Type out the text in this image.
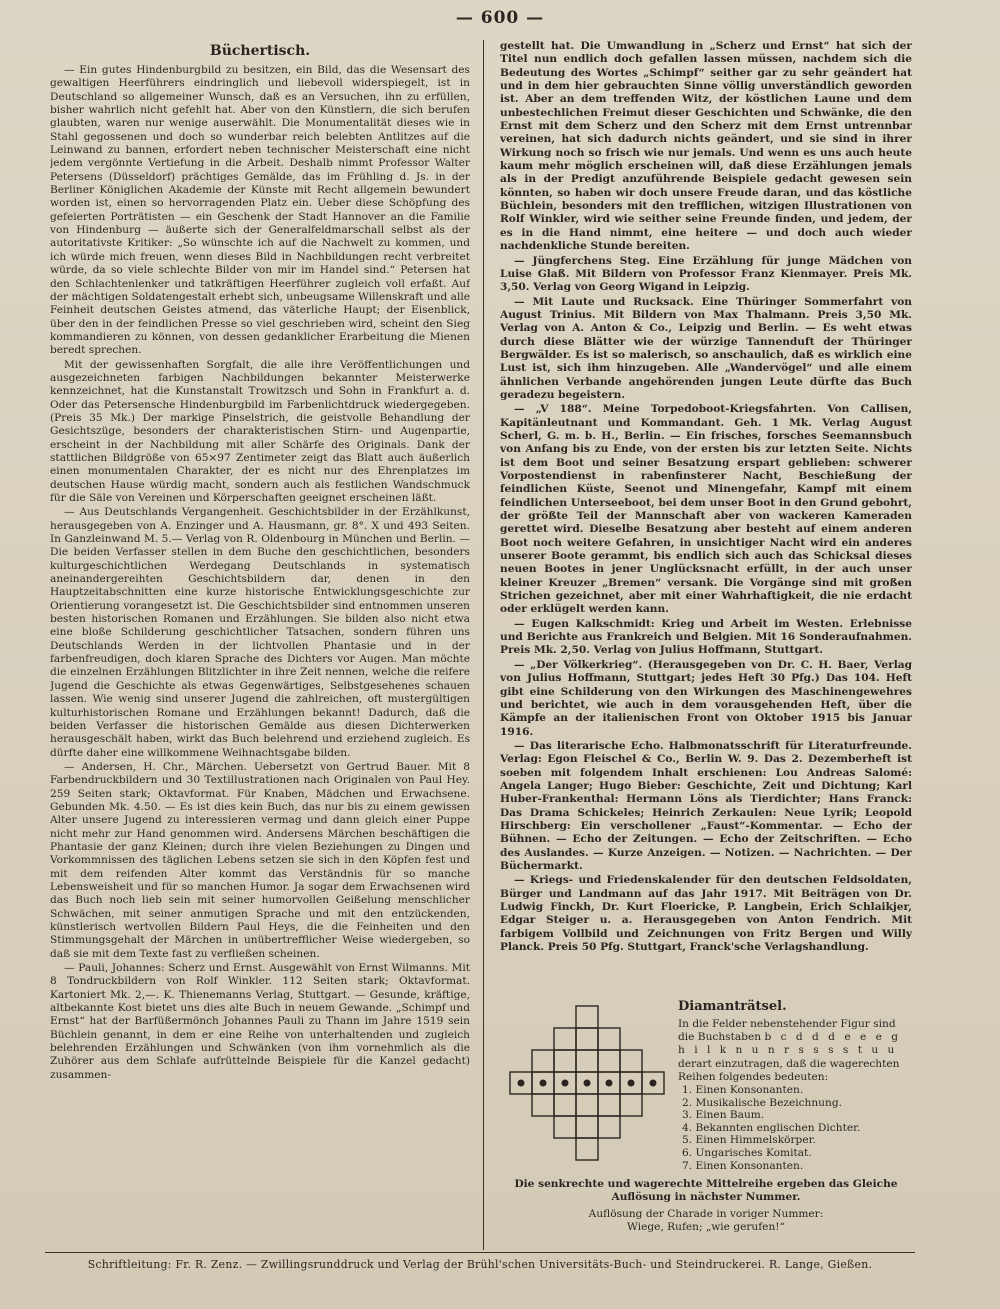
— 600 —
Büchertisch.

— Ein gutes Hindenburgbild zu besitzen, ein Bild, das die Wesensart des gewaltigen Heerführers eindringlich und liebevoll widerspiegelt, ist in Deutschland so allgemeiner Wunsch, daß es an Versuchen, ihn zu erfüllen, bisher wahrlich nicht gefehlt hat. Aber von den Künstlern, die sich berufen glaubten, waren nur wenige auserwählt. Die Monumentalität dieses wie in Stahl gegossenen und doch so wunderbar reich belebten Antlitzes auf die Leinwand zu bannen, erfordert neben technischer Meisterschaft eine nicht jedem vergönnte Vertiefung in die Arbeit. Deshalb nimmt Professor Walter Petersens (Düsseldorf) prächtiges Gemälde, das im Frühling d. Js. in der Berliner Königlichen Akademie der Künste mit Recht allgemein bewundert worden ist, einen so hervorragenden Platz ein. Ueber diese Schöpfung des gefeierten Porträtisten — ein Geschenk der Stadt Hannover an die Familie von Hindenburg — äußerte sich der Generalfeldmarschall selbst als der autoritativste Kritiker: „So wünschte ich auf die Nachwelt zu kommen, und ich würde mich freuen, wenn dieses Bild in Nachbildungen recht verbreitet würde, da so viele schlechte Bilder von mir im Handel sind.“ Petersen hat den Schlachtenlenker und tatkräftigen Heerführer zugleich voll erfaßt. Auf der mächtigen Soldatengestalt erhebt sich, unbeugsame Willenskraft und alle Feinheit deutschen Geistes atmend, das väterliche Haupt; der Eisenblick, über den in der feindlichen Presse so viel geschrieben wird, scheint den Sieg kommandieren zu können, von dessen gedanklicher Erarbeitung die Mienen beredt sprechen.

Mit der gewissenhaften Sorgfalt, die alle ihre Veröffentlichungen und ausgezeichneten farbigen Nachbildungen bekannter Meisterwerke kennzeichnet, hat die Kunstanstalt Trowitzsch und Sohn in Frankfurt a. d. Oder das Petersensche Hindenburgbild im Farbenlichtdruck wiedergegeben. (Preis 35 Mk.) Der markige Pinselstrich, die geistvolle Behandlung der Gesichtszüge, besonders der charakteristischen Stirn- und Augenpartie, erscheint in der Nachbildung mit aller Schärfe des Originals. Dank der stattlichen Bildgröße von 65×97 Zentimeter zeigt das Blatt auch äußerlich einen monumentalen Charakter, der es nicht nur des Ehrenplatzes im deutschen Hause würdig macht, sondern auch als festlichen Wandschmuck für die Säle von Vereinen und Körperschaften geeignet erscheinen läßt.

— Aus Deutschlands Vergangenheit. Geschichtsbilder in der Erzählkunst, herausgegeben von A. Enzinger und A. Hausmann, gr. 8°. X und 493 Seiten. In Ganzleinwand M. 5.— Verlag von R. Oldenbourg in München und Berlin. — Die beiden Verfasser stellen in dem Buche den geschichtlichen, besonders kulturgeschichtlichen Werdegang Deutschlands in systematisch aneinandergereihten Geschichtsbildern dar, denen in den Hauptzeitabschnitten eine kurze historische Entwicklungsgeschichte zur Orientierung vorangesetzt ist. Die Geschichtsbilder sind entnommen unseren besten historischen Romanen und Erzählungen. Sie bilden also nicht etwa eine bloße Schilderung geschichtlicher Tatsachen, sondern führen uns Deutschlands Werden in der lichtvollen Phantasie und in der farbenfreudigen, doch klaren Sprache des Dichters vor Augen. Man möchte die einzelnen Erzählungen Blitzlichter in ihre Zeit nennen, welche die reifere Jugend die Geschichte als etwas Gegenwärtiges, Selbstgesehenes schauen lassen. Wie wenig sind unserer Jugend die zahlreichen, oft mustergültigen kulturhistorischen Romane und Erzählungen bekannt! Dadurch, daß die beiden Verfasser die historischen Gemälde aus diesen Dichterwerken herausgeschält haben, wirkt das Buch belehrend und erziehend zugleich. Es dürfte daher eine willkommene Weihnachtsgabe bilden.

— Andersen, H. Chr., Märchen. Uebersetzt von Gertrud Bauer. Mit 8 Farbendruckbildern und 30 Textillustrationen nach Originalen von Paul Hey. 259 Seiten stark; Oktavformat. Für Knaben, Mädchen und Erwachsene. Gebunden Mk. 4.50. — Es ist dies kein Buch, das nur bis zu einem gewissen Alter unsere Jugend zu interessieren vermag und dann gleich einer Puppe nicht mehr zur Hand genommen wird. Andersens Märchen beschäftigen die Phantasie der ganz Kleinen; durch ihre vielen Beziehungen zu Dingen und Vorkommnissen des täglichen Lebens setzen sie sich in den Köpfen fest und mit dem reifenden Alter kommt das Verständnis für so manche Lebensweisheit und für so manchen Humor. Ja sogar dem Erwachsenen wird das Buch noch lieb sein mit seiner humorvollen Geißelung menschlicher Schwächen, mit seiner anmutigen Sprache und mit den entzückenden, künstlerisch wertvollen Bildern Paul Heys, die die Feinheiten und den Stimmungsgehalt der Märchen in unübertrefflicher Weise wiedergeben, so daß sie mit dem Texte fast zu verfließen scheinen.

— Pauli, Johannes: Scherz und Ernst. Ausgewählt von Ernst Wilmanns. Mit 8 Tondruckbildern von Rolf Winkler. 112 Seiten stark; Oktavformat. Kartoniert Mk. 2,—. K. Thienemanns Verlag, Stuttgart. — Gesunde, kräftige, altbekannte Kost bietet uns dies alte Buch in neuem Gewande. „Schimpf und Ernst“ hat der Barfüßermönch Johannes Pauli zu Thann im Jahre 1519 sein Büchlein genannt, in dem er eine Reihe von unterhaltenden und zugleich belehrenden Erzählungen und Schwänken (von ihm vornehmlich als die Zuhörer aus dem Schlafe aufrüttelnde Beispiele für die Kanzel gedacht) zusammen-

gestellt hat. Die Umwandlung in „Scherz und Ernst“ hat sich der Titel nun endlich doch gefallen lassen müssen, nachdem sich die Bedeutung des Wortes „Schimpf“ seither gar zu sehr geändert hat und in dem hier gebrauchten Sinne völlig unverständlich geworden ist. Aber an dem treffenden Witz, der köstlichen Laune und dem unbestechlichen Freimut dieser Geschichten und Schwänke, die den Ernst mit dem Scherz und den Scherz mit dem Ernst untrennbar vereinen, hat sich dadurch nichts geändert, und sie sind in ihrer Wirkung noch so frisch wie nur jemals. Und wenn es uns auch heute kaum mehr möglich erscheinen will, daß diese Erzählungen jemals als in der Predigt anzuführende Beispiele gedacht gewesen sein könnten, so haben wir doch unsere Freude daran, und das köstliche Büchlein, besonders mit den trefflichen, witzigen Illustrationen von Rolf Winkler, wird wie seither seine Freunde finden, und jedem, der es in die Hand nimmt, eine heitere — und doch auch wieder nachdenkliche Stunde bereiten.

— Jüngferchens Steg. Eine Erzählung für junge Mädchen von Luise Glaß. Mit Bildern von Professor Franz Kienmayer. Preis Mk. 3,50. Verlag von Georg Wigand in Leipzig.

— Mit Laute und Rucksack. Eine Thüringer Sommerfahrt von August Trinius. Mit Bildern von Max Thalmann. Preis 3,50 Mk. Verlag von A. Anton & Co., Leipzig und Berlin. — Es weht etwas durch diese Blätter wie der würzige Tannenduft der Thüringer Bergwälder. Es ist so malerisch, so anschaulich, daß es wirklich eine Lust ist, sich ihm hinzugeben. Alle „Wandervögel“ und alle einem ähnlichen Verbande angehörenden jungen Leute dürfte das Buch geradezu begeistern.

— „V 188“. Meine Torpedoboot-Kriegsfahrten. Von Callisen, Kapitänleutnant und Kommandant. Geh. 1 Mk. Verlag August Scherl, G. m. b. H., Berlin. — Ein frisches, forsches Seemannsbuch von Anfang bis zu Ende, von der ersten bis zur letzten Seite. Nichts ist dem Boot und seiner Besatzung erspart geblieben: schwerer Vorpostendienst in rabenfinsterer Nacht, Beschießung der feindlichen Küste, Seenot und Minengefahr, Kampf mit einem feindlichen Unterseeboot, bei dem unser Boot in den Grund gebohrt, der größte Teil der Mannschaft aber von wackeren Kameraden gerettet wird. Dieselbe Besatzung aber besteht auf einem anderen Boot noch weitere Gefahren, in unsichtiger Nacht wird ein anderes unserer Boote gerammt, bis endlich sich auch das Schicksal dieses neuen Bootes in jener Unglücksnacht erfüllt, in der auch unser kleiner Kreuzer „Bremen“ versank. Die Vorgänge sind mit großen Strichen gezeichnet, aber mit einer Wahrhaftigkeit, die nie erdacht oder erklügelt werden kann.

— Eugen Kalkschmidt: Krieg und Arbeit im Westen. Erlebnisse und Berichte aus Frankreich und Belgien. Mit 16 Sonderaufnahmen. Preis Mk. 2,50. Verlag von Julius Hoffmann, Stuttgart.

— „Der Völkerkrieg“. (Herausgegeben von Dr. C. H. Baer, Verlag von Julius Hoffmann, Stuttgart; jedes Heft 30 Pfg.) Das 104. Heft gibt eine Schilderung von den Wirkungen des Maschinengewehres und berichtet, wie auch in dem vorausgehenden Heft, über die Kämpfe an der italienischen Front von Oktober 1915 bis Januar 1916.

— Das literarische Echo. Halbmonatsschrift für Literaturfreunde. Verlag: Egon Fleischel & Co., Berlin W. 9. Das 2. Dezemberheft ist soeben mit folgendem Inhalt erschienen: Lou Andreas Salomé: Angela Langer; Hugo Bieber: Geschichte, Zeit und Dichtung; Karl Huber-Frankenthal: Hermann Löns als Tierdichter; Hans Franck: Das Drama Schickeles; Heinrich Zerkaulen: Neue Lyrik; Leopold Hirschberg: Ein verschollener „Faust“-Kommentar. — Echo der Bühnen. — Echo der Zeitungen. — Echo der Zeitschriften. — Echo des Auslandes. — Kurze Anzeigen. — Notizen. — Nachrichten. — Der Büchermarkt.

— Kriegs- und Friedenskalender für den deutschen Feldsoldaten, Bürger und Landmann auf das Jahr 1917. Mit Beiträgen von Dr. Ludwig Finckh, Dr. Kurt Floericke, P. Langbein, Erich Schlaikjer, Edgar Steiger u. a. Herausgegeben von Anton Fendrich. Mit farbigem Vollbild und Zeichnungen von Fritz Bergen und Willy Planck. Preis 50 Pfg. Stuttgart, Franck'sche Verlagshandlung.

Diamanträtsel.
In die Felder nebenstehender Figur sind die Buchstaben b c d d d e e e g h i l k n u n r s s s s t u u derart einzutragen, daß die wagerechten Reihen folgendes bedeuten:
1. Einen Konsonanten.
2. Musikalische Bezeichnung.
3. Einen Baum.
4. Bekannten englischen Dichter.
5. Einen Himmelskörper.
6. Ungarisches Komitat.
7. Einen Konsonanten.
Die senkrechte und wagerechte Mittelreihe ergeben das Gleiche Auflösung in nächster Nummer.
Auflösung der Charade in voriger Nummer:
Wiege, Rufen; „wie gerufen!“
Schriftleitung: Fr. R. Zenz. — Zwillingsrunddruck und Verlag der Brühl'schen Universitäts-Buch- und Steindruckerei. R. Lange, Gießen.
